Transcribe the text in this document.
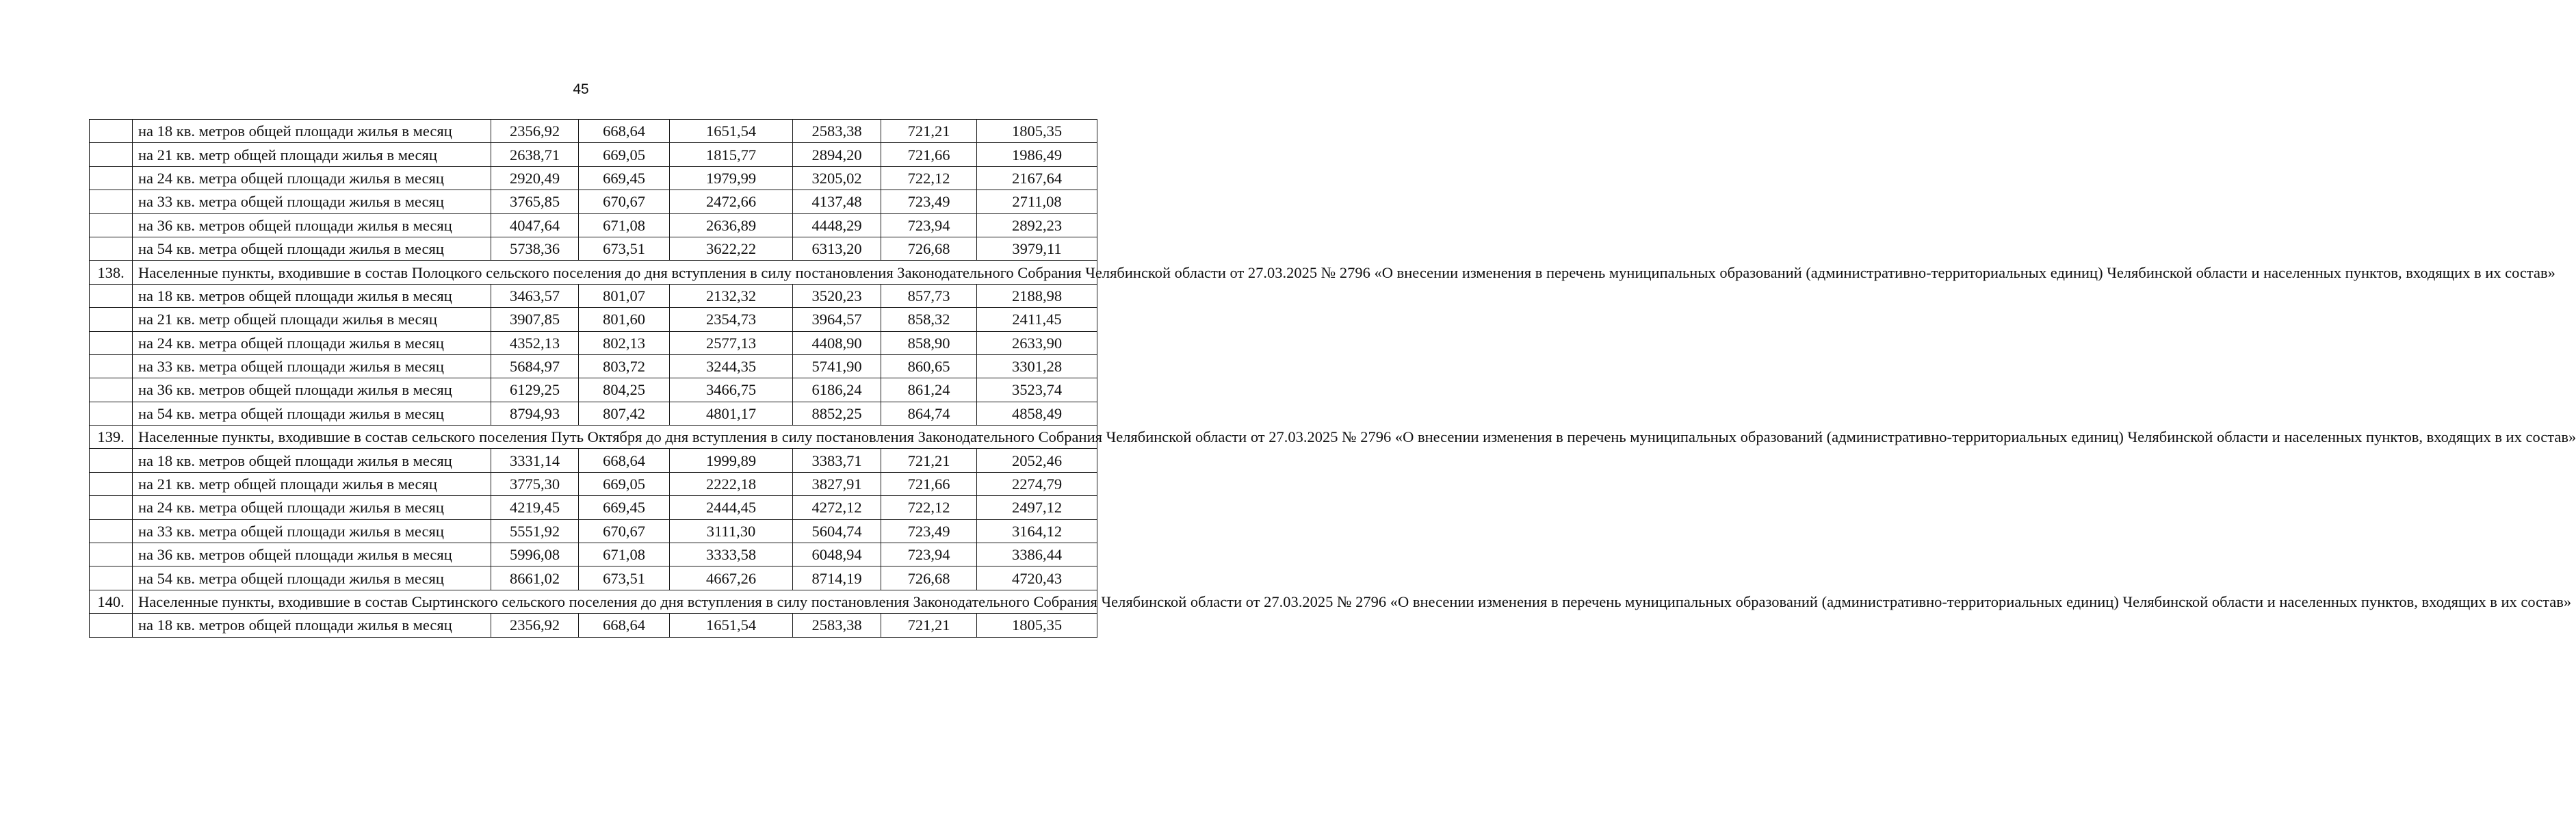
45
	на 18 кв. метров общей площади жилья в месяц	2356,92	668,64	1651,54	2583,38	721,21	1805,35
	на 21 кв. метр общей площади жилья в месяц	2638,71	669,05	1815,77	2894,20	721,66	1986,49
	на 24 кв. метра общей площади жилья в месяц	2920,49	669,45	1979,99	3205,02	722,12	2167,64
	на 33 кв. метра общей площади жилья в месяц	3765,85	670,67	2472,66	4137,48	723,49	2711,08
	на 36 кв. метров общей площади жилья в месяц	4047,64	671,08	2636,89	4448,29	723,94	2892,23
	на 54 кв. метра общей площади жилья в месяц	5738,36	673,51	3622,22	6313,20	726,68	3979,11
138.	Населенные пункты, входившие в состав Полоцкого сельского поселения до дня вступления в силу постановления Законодательного Собрания Челябинской области от 27.03.2025 № 2796 «О внесении изменения в перечень муниципальных образований (административно-территориальных единиц) Челябинской области и населенных пунктов, входящих в их состав»						
	на 18 кв. метров общей площади жилья в месяц	3463,57	801,07	2132,32	3520,23	857,73	2188,98
	на 21 кв. метр общей площади жилья в месяц	3907,85	801,60	2354,73	3964,57	858,32	2411,45
	на 24 кв. метра общей площади жилья в месяц	4352,13	802,13	2577,13	4408,90	858,90	2633,90
	на 33 кв. метра общей площади жилья в месяц	5684,97	803,72	3244,35	5741,90	860,65	3301,28
	на 36 кв. метров общей площади жилья в месяц	6129,25	804,25	3466,75	6186,24	861,24	3523,74
	на 54 кв. метра общей площади жилья в месяц	8794,93	807,42	4801,17	8852,25	864,74	4858,49
139.	Населенные пункты, входившие в состав сельского поселения Путь Октября до дня вступления в силу постановления Законодательного Собрания Челябинской области от 27.03.2025 № 2796 «О внесении изменения в перечень муниципальных образований (административно-территориальных единиц) Челябинской области и населенных пунктов, входящих в их состав»						
	на 18 кв. метров общей площади жилья в месяц	3331,14	668,64	1999,89	3383,71	721,21	2052,46
	на 21 кв. метр общей площади жилья в месяц	3775,30	669,05	2222,18	3827,91	721,66	2274,79
	на 24 кв. метра общей площади жилья в месяц	4219,45	669,45	2444,45	4272,12	722,12	2497,12
	на 33 кв. метра общей площади жилья в месяц	5551,92	670,67	3111,30	5604,74	723,49	3164,12
	на 36 кв. метров общей площади жилья в месяц	5996,08	671,08	3333,58	6048,94	723,94	3386,44
	на 54 кв. метра общей площади жилья в месяц	8661,02	673,51	4667,26	8714,19	726,68	4720,43
140.	Населенные пункты, входившие в состав Сыртинского сельского поселения до дня вступления в силу постановления Законодательного Собрания Челябинской области от 27.03.2025 № 2796 «О внесении изменения в перечень муниципальных образований (административно-территориальных единиц) Челябинской области и населенных пунктов, входящих в их состав»						
	на 18 кв. метров общей площади жилья в месяц	2356,92	668,64	1651,54	2583,38	721,21	1805,35
